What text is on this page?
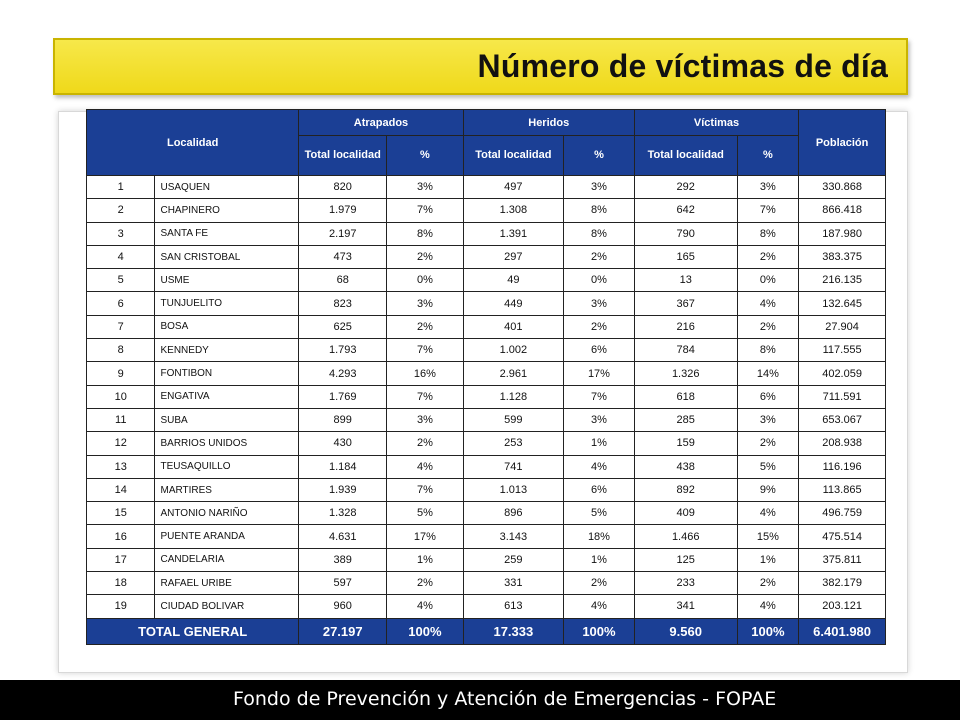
Número de víctimas de día
Localidad		Atrapados		Heridos		Víctimas		Población
		Total localidad	%	Total localidad	%	Total localidad	%	
1	USAQUEN	820	3%	497	3%	292	3%	330.868
2	CHAPINERO	1.979	7%	1.308	8%	642	7%	866.418
3	SANTA FE	2.197	8%	1.391	8%	790	8%	187.980
4	SAN CRISTOBAL	473	2%	297	2%	165	2%	383.375
5	USME	68	0%	49	0%	13	0%	216.135
6	TUNJUELITO	823	3%	449	3%	367	4%	132.645
7	BOSA	625	2%	401	2%	216	2%	27.904
8	KENNEDY	1.793	7%	1.002	6%	784	8%	117.555
9	FONTIBON	4.293	16%	2.961	17%	1.326	14%	402.059
10	ENGATIVA	1.769	7%	1.128	7%	618	6%	711.591
11	SUBA	899	3%	599	3%	285	3%	653.067
12	BARRIOS UNIDOS	430	2%	253	1%	159	2%	208.938
13	TEUSAQUILLO	1.184	4%	741	4%	438	5%	116.196
14	MARTIRES	1.939	7%	1.013	6%	892	9%	113.865
15	ANTONIO NARIÑO	1.328	5%	896	5%	409	4%	496.759
16	PUENTE ARANDA	4.631	17%	3.143	18%	1.466	15%	475.514
17	CANDELARIA	389	1%	259	1%	125	1%	375.811
18	RAFAEL URIBE	597	2%	331	2%	233	2%	382.179
19	CIUDAD BOLIVAR	960	4%	613	4%	341	4%	203.121
TOTAL GENERAL		27.197	100%	17.333	100%	9.560	100%	6.401.980
Fondo de Prevención y Atención de Emergencias - FOPAE
